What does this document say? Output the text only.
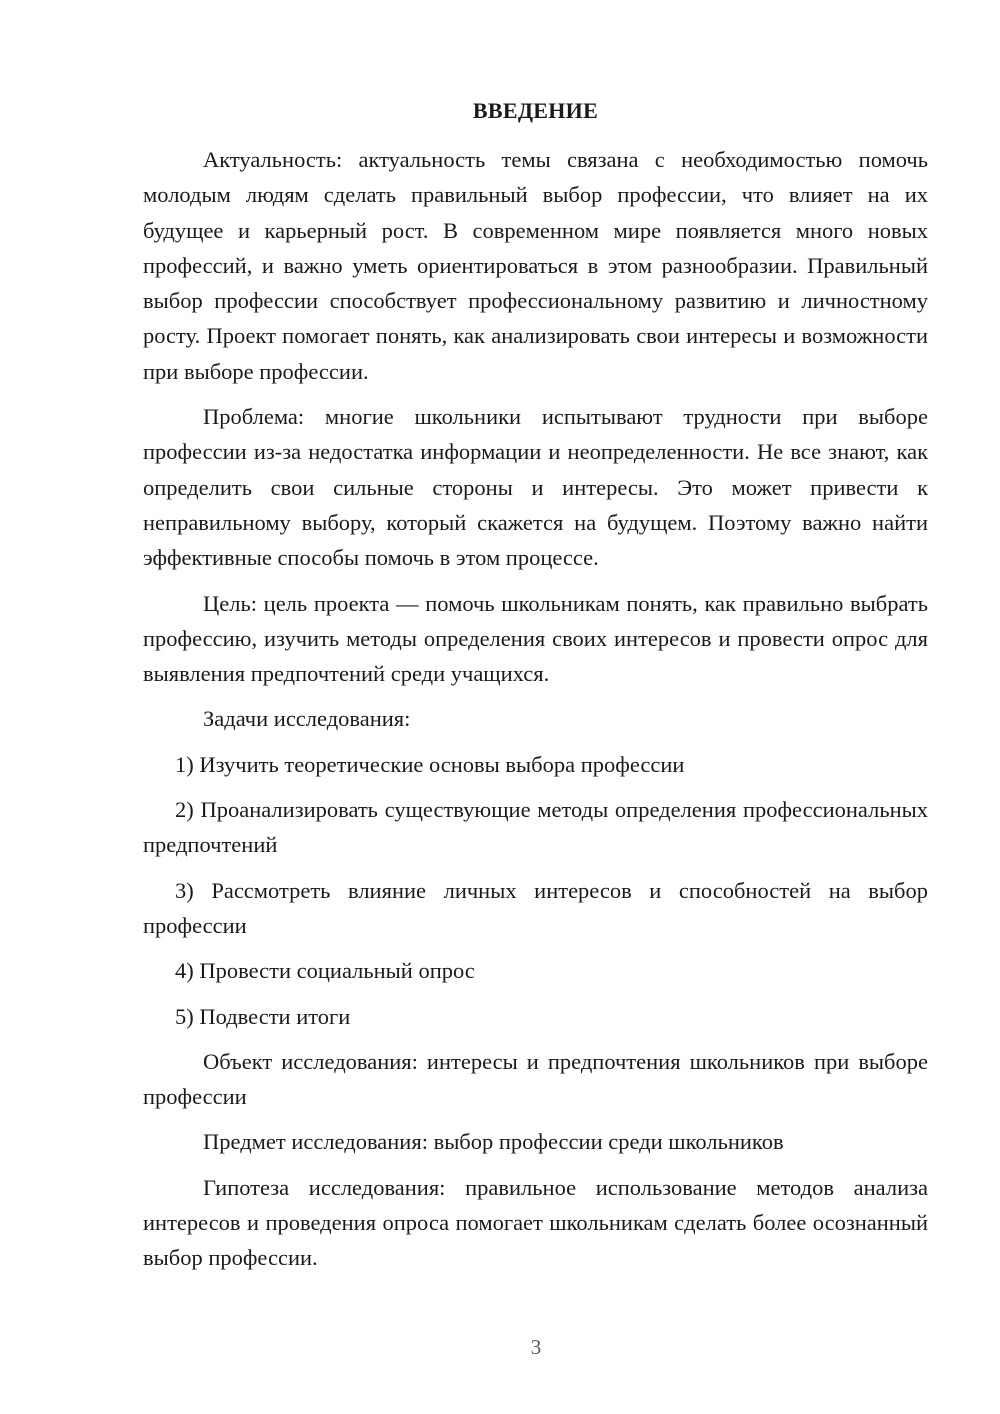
ВВЕДЕНИЕ

Актуальность: актуальность темы связана с необходимостью помочь молодым людям сделать правильный выбор профессии, что влияет на их будущее и карьерный рост. В современном мире появляется много новых профессий, и важно уметь ориентироваться в этом разнообразии. Правильный выбор профессии способствует профессиональному развитию и личностному росту. Проект помогает понять, как анализировать свои интересы и возможности при выборе профессии.

Проблема: многие школьники испытывают трудности при выборе профессии из-за недостатка информации и неопределенности. Не все знают, как определить свои сильные стороны и интересы. Это может привести к неправильному выбору, который скажется на будущем. Поэтому важно найти эффективные способы помочь в этом процессе.

Цель: цель проекта — помочь школьникам понять, как правильно выбрать профессию, изучить методы определения своих интересов и провести опрос для выявления предпочтений среди учащихся.

Задачи исследования:

1) Изучить теоретические основы выбора профессии

2) Проанализировать существующие методы определения профессиональных предпочтений

3) Рассмотреть влияние личных интересов и способностей на выбор профессии

4) Провести социальный опрос

5) Подвести итоги

Объект исследования: интересы и предпочтения школьников при выборе профессии

Предмет исследования: выбор профессии среди школьников

Гипотеза исследования: правильное использование методов анализа интересов и проведения опроса помогает школьникам сделать более осознанный выбор профессии.

3
